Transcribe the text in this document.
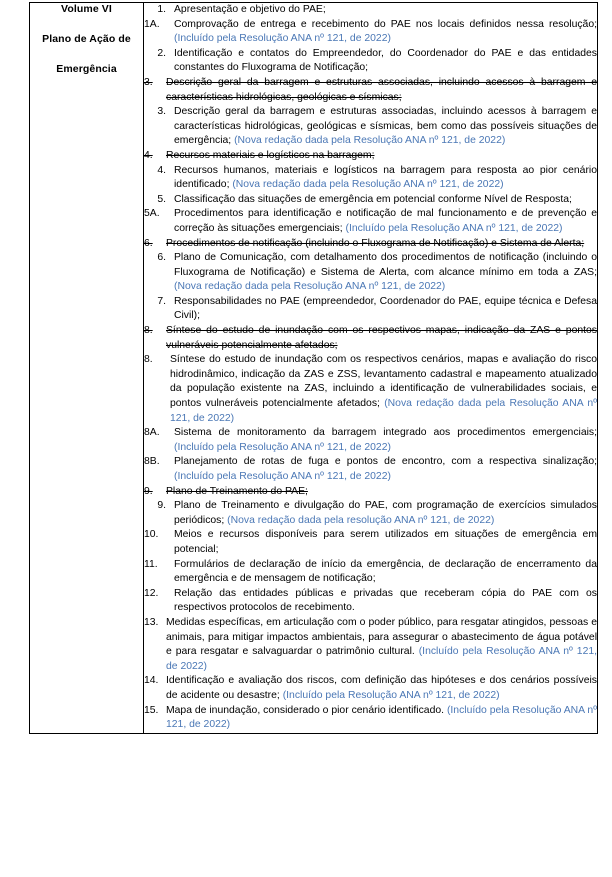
Volume VI
Plano de Ação de
Emergência

1. Apresentação e objetivo do PAE;
1A.	Comprovação de entrega e recebimento do PAE nos locais definidos nessa resolução; (Incluído pela Resolução ANA nº 121, de 2022)
2. Identificação e contatos do Empreendedor, do Coordenador do PAE e das entidades constantes do Fluxograma de Notificação;
3.	Descrição geral da barragem e estruturas associadas, incluindo acessos à barragem e características hidrológicas, geológicas e sísmicas;
3. Descrição geral da barragem e estruturas associadas, incluindo acessos à barragem e características hidrológicas, geológicas e sísmicas, bem como das possíveis situações de emergência; (Nova redação dada pela Resolução ANA nº 121, de 2022)
4.	Recursos materiais e logísticos na barragem;
4. Recursos humanos, materiais e logísticos na barragem para resposta ao pior cenário identificado; (Nova redação dada pela Resolução ANA nº 121, de 2022)
5. Classificação das situações de emergência em potencial conforme Nível de Resposta;
5A.	Procedimentos para identificação e notificação de mal funcionamento e de prevenção e correção às situações emergenciais; (Incluído pela Resolução ANA nº 121, de 2022)
6.	Procedimentos de notificação (incluindo o Fluxograma de Notificação) e Sistema de Alerta;
6. Plano de Comunicação, com detalhamento dos procedimentos de notificação (incluindo o Fluxograma de Notificação) e Sistema de Alerta, com alcance mínimo em toda a ZAS; (Nova redação dada pela Resolução ANA nº 121, de 2022)
7. Responsabilidades no PAE (empreendedor, Coordenador do PAE, equipe técnica e Defesa Civil);
8.	Síntese do estudo de inundação com os respectivos mapas, indicação da ZAS e pontos vulneráveis potencialmente afetados;
8.	Síntese do estudo de inundação com os respectivos cenários, mapas e avaliação do risco hidrodinâmico, indicação da ZAS e ZSS, levantamento cadastral e mapeamento atualizado da população existente na ZAS, incluindo a identificação de vulnerabilidades sociais, e pontos vulneráveis potencialmente afetados; (Nova redação dada pela Resolução ANA nº 121, de 2022)
8A.	Sistema de monitoramento da barragem integrado aos procedimentos emergenciais; (Incluído pela Resolução ANA nº 121, de 2022)
8B.	Planejamento de rotas de fuga e pontos de encontro, com a respectiva sinalização; (Incluído pela Resolução ANA nº 121, de 2022)
9.	Plano de Treinamento do PAE;
9. Plano de Treinamento e divulgação do PAE, com programação de exercícios simulados periódicos; (Nova redação dada pela resolução ANA nº 121, de 2022)
10.	Meios e recursos disponíveis para serem utilizados em situações de emergência em potencial;
11.	Formulários de declaração de início da emergência, de declaração de encerramento da emergência e de mensagem de notificação;
12.	Relação das entidades públicas e privadas que receberam cópia do PAE com os respectivos protocolos de recebimento.
13. Medidas específicas, em articulação com o poder público, para resgatar atingidos, pessoas e animais, para mitigar impactos ambientais, para assegurar o abastecimento de água potável e para resgatar e salvaguardar o patrimônio cultural. (Incluído pela Resolução ANA nº 121, de 2022)
14. Identificação e avaliação dos riscos, com definição das hipóteses e dos cenários possíveis de acidente ou desastre; (Incluído pela Resolução ANA nº 121, de 2022)
15. Mapa de inundação, considerado o pior cenário identificado. (Incluído pela Resolução ANA nº 121, de 2022)
